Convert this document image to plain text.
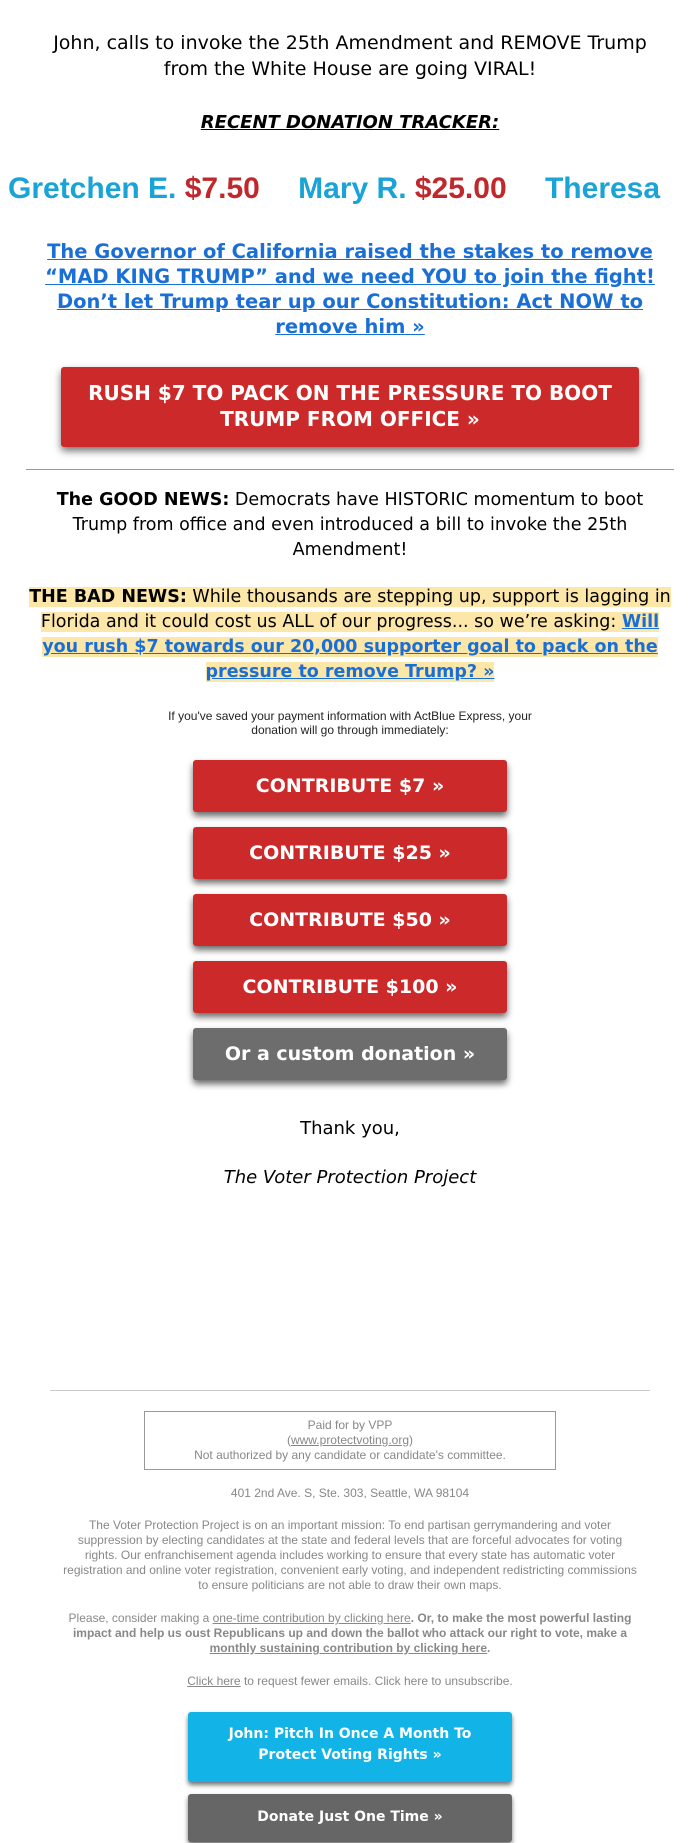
John, calls to invoke the 25th Amendment and REMOVE Trump from the White House are going VIRAL!
RECENT DONATION TRACKER:
Gretchen E. $7.50 Mary R. $25.00 Theresa
The Governor of California raised the stakes to remove “MAD KING TRUMP” and we need YOU to join the fight! Don’t let Trump tear up our Constitution: Act NOW to remove him »
RUSH $7 TO PACK ON THE PRESSURE TO BOOT TRUMP FROM OFFICE »
The GOOD NEWS: Democrats have HISTORIC momentum to boot Trump from office and even introduced a bill to invoke the 25th Amendment!
THE BAD NEWS: While thousands are stepping up, support is lagging in Florida and it could cost us ALL of our progress... so we’re asking: Will you rush $7 towards our 20,000 supporter goal to pack on the pressure to remove Trump? »
If you've saved your payment information with ActBlue Express, your donation will go through immediately:
CONTRIBUTE $7 »
CONTRIBUTE $25 »
CONTRIBUTE $50 »
CONTRIBUTE $100 »
Or a custom donation »
Thank you,
The Voter Protection Project
Paid for by VPP
(www.protectvoting.org)
Not authorized by any candidate or candidate's committee.
401 2nd Ave. S, Ste. 303, Seattle, WA 98104
The Voter Protection Project is on an important mission: To end partisan gerrymandering and voter suppression by electing candidates at the state and federal levels that are forceful advocates for voting rights. Our enfranchisement agenda includes working to ensure that every state has automatic voter registration and online voter registration, convenient early voting, and independent redistricting commissions to ensure politicians are not able to draw their own maps.
Please, consider making a one-time contribution by clicking here. Or, to make the most powerful lasting impact and help us oust Republicans up and down the ballot who attack our right to vote, make a monthly sustaining contribution by clicking here.
Click here to request fewer emails. Click here to unsubscribe.
John: Pitch In Once A Month To Protect Voting Rights »
Donate Just One Time »
